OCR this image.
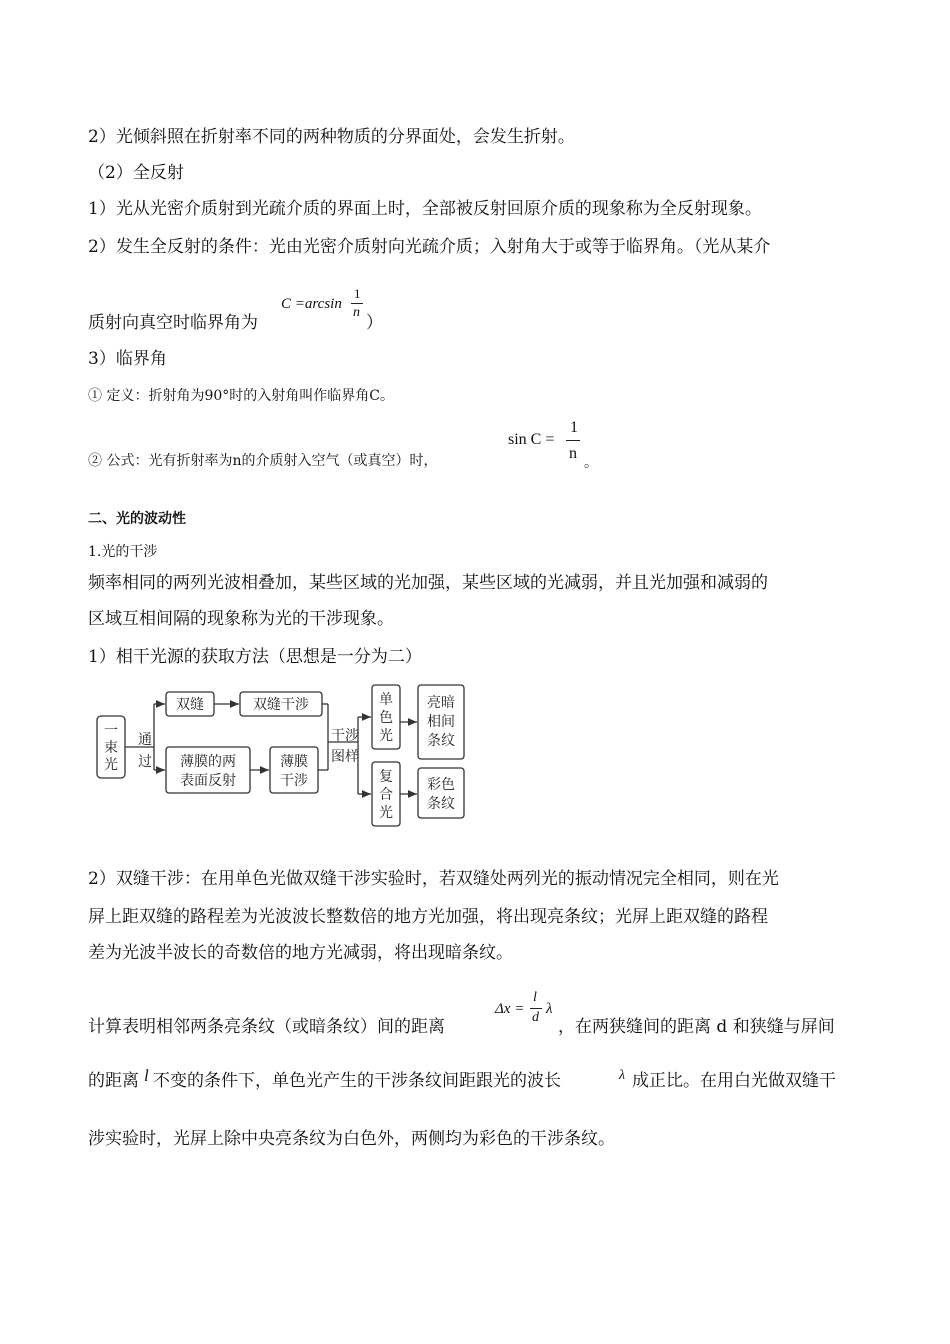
2）光倾斜照在折射率不同的两种物质的分界面处，会发生折射。
（2）全反射
1）光从光密介质射到光疏介质的界面上时，全部被反射回原介质的现象称为全反射现象。
2）发生全反射的条件：光由光密介质射向光疏介质；入射角大于或等于临界角。（光从某介
质射向真空时临界角为
C =arcsin
1
n
）
3）临界角
① 定义：折射角为90°时的入射角叫作临界角C。
② 公式：光有折射率为n的介质射入空气（或真空）时，
sin C =
1
n
。
二、光的波动性
1.光的干涉
频率相同的两列光波相叠加，某些区域的光加强，某些区域的光减弱，并且光加强和减弱的
区域互相间隔的现象称为光的干涉现象。
1）相干光源的获取方法（思想是一分为二）
一
束
光
通
过
双缝	双缝干涉
薄膜的两
表面反射
薄膜
干涉
干涉
图样
单
色
光
复
合
光
亮暗
相间
条纹
彩色
条纹
2）双缝干涉：在用单色光做双缝干涉实验时，若双缝处两列光的振动情况完全相同，则在光
屏上距双缝的路程差为光波波长整数倍的地方光加强，将出现亮条纹；光屏上距双缝的路程
差为光波半波长的奇数倍的地方光减弱，将出现暗条纹。
计算表明相邻两条亮条纹（或暗条纹）间的距离
Δx =
l
d
λ
，在两狭缝间的距离 d 和狭缝与屏间
的距离 l 不变的条件下，单色光产生的干涉条纹间距跟光的波长	λ 成正比。在用白光做双缝干
涉实验时，光屏上除中央亮条纹为白色外，两侧均为彩色的干涉条纹。
